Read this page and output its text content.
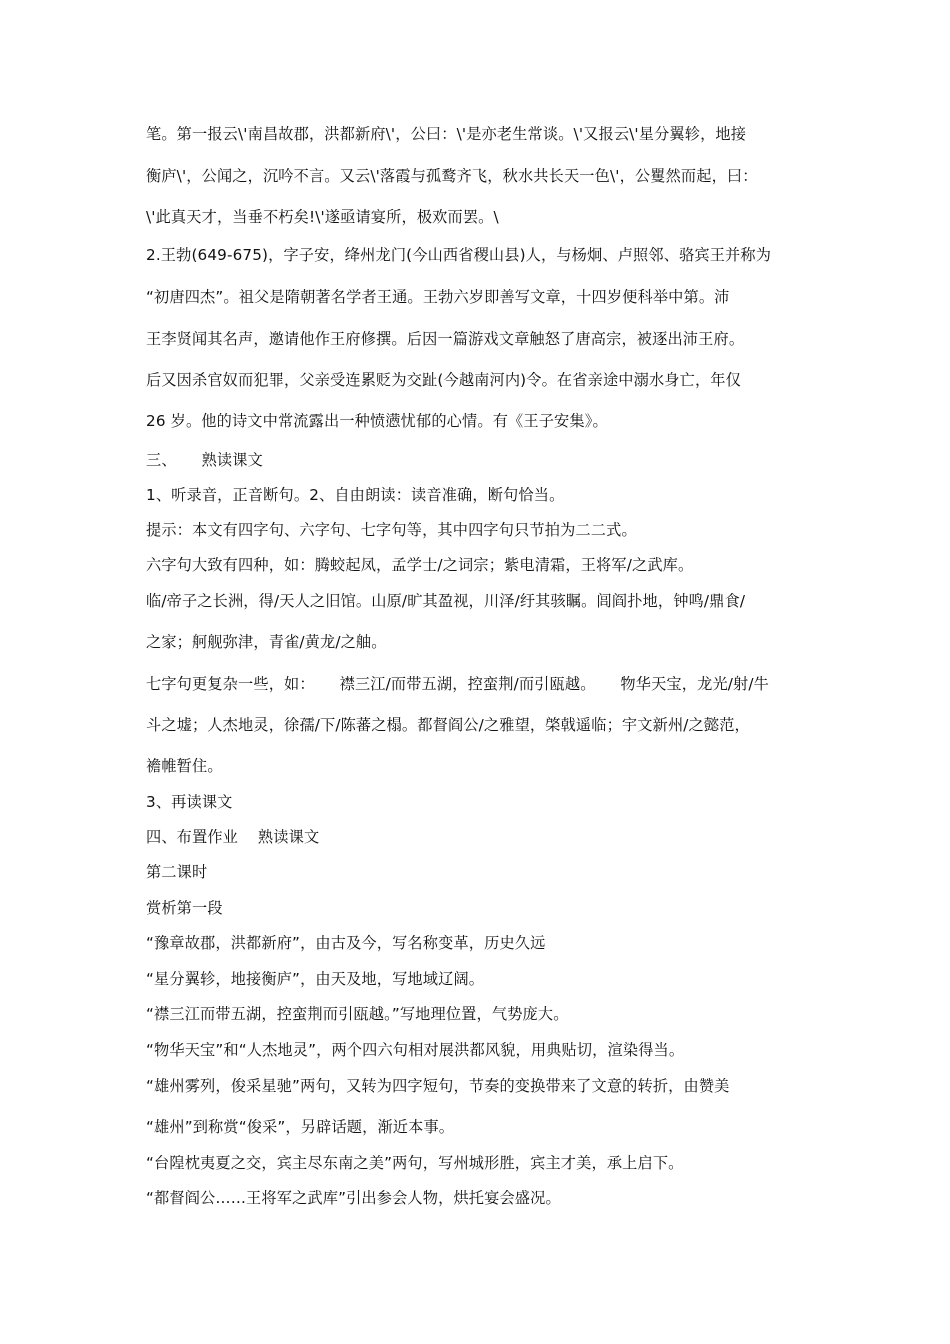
笔。第一报云\'南昌故郡，洪都新府\'，公曰：\'是亦老生常谈。\'又报云\'星分翼轸，地接
衡庐\'，公闻之，沉吟不言。又云\'落霞与孤鹜齐飞，秋水共长天一色\'，公矍然而起，曰：
\'此真天才，当垂不朽矣!\'遂亟请宴所，极欢而罢。\
2.王勃(649-675)，字子安，绛州龙门(今山西省稷山县)人，与杨炯、卢照邻、骆宾王并称为
“初唐四杰”。祖父是隋朝著名学者王通。王勃六岁即善写文章，十四岁便科举中第。沛
王李贤闻其名声，邀请他作王府修撰。后因一篇游戏文章触怒了唐高宗，被逐出沛王府。
后又因杀官奴而犯罪，父亲受连累贬为交趾(今越南河内)令。在省亲途中溺水身亡，年仅
26 岁。他的诗文中常流露出一种愤懑忧郁的心情。有《王子安集》。
三、     熟读课文
1、听录音，正音断句。2、自由朗读：读音准确，断句恰当。
提示：本文有四字句、六字句、七字句等，其中四字句只节拍为二二式。
六字句大致有四种，如：腾蛟起凤，孟学士/之词宗；紫电清霜，王将军/之武库。
临/帝子之长洲，得/天人之旧馆。山原/旷其盈视，川泽/纡其骇瞩。闾阎扑地，钟鸣/鼎食/
之家；舸舰弥津，青雀/黄龙/之舳。
七字句更复杂一些，如：     襟三江/而带五湖，控蛮荆/而引瓯越。     物华天宝，龙光/射/牛
斗之墟；人杰地灵，徐孺/下/陈蕃之榻。都督阎公/之雅望，棨戟遥临；宇文新州/之懿范，
襜帷暂住。
3、再读课文
四、布置作业    熟读课文
第二课时
赏析第一段
“豫章故郡，洪都新府”，由古及今，写名称变革，历史久远
“星分翼轸，地接衡庐”，由天及地，写地域辽阔。
“襟三江而带五湖，控蛮荆而引瓯越。”写地理位置，气势庞大。
“物华天宝”和“人杰地灵”，两个四六句相对展洪都风貌，用典贴切，渲染得当。
“雄州雾列，俊采星驰”两句，又转为四字短句，节奏的变换带来了文意的转折，由赞美
“雄州”到称赏“俊采”，另辟话题，渐近本事。
“台隍枕夷夏之交，宾主尽东南之美”两句，写州城形胜，宾主才美，承上启下。
“都督阎公……王将军之武库”引出参会人物，烘托宴会盛况。
